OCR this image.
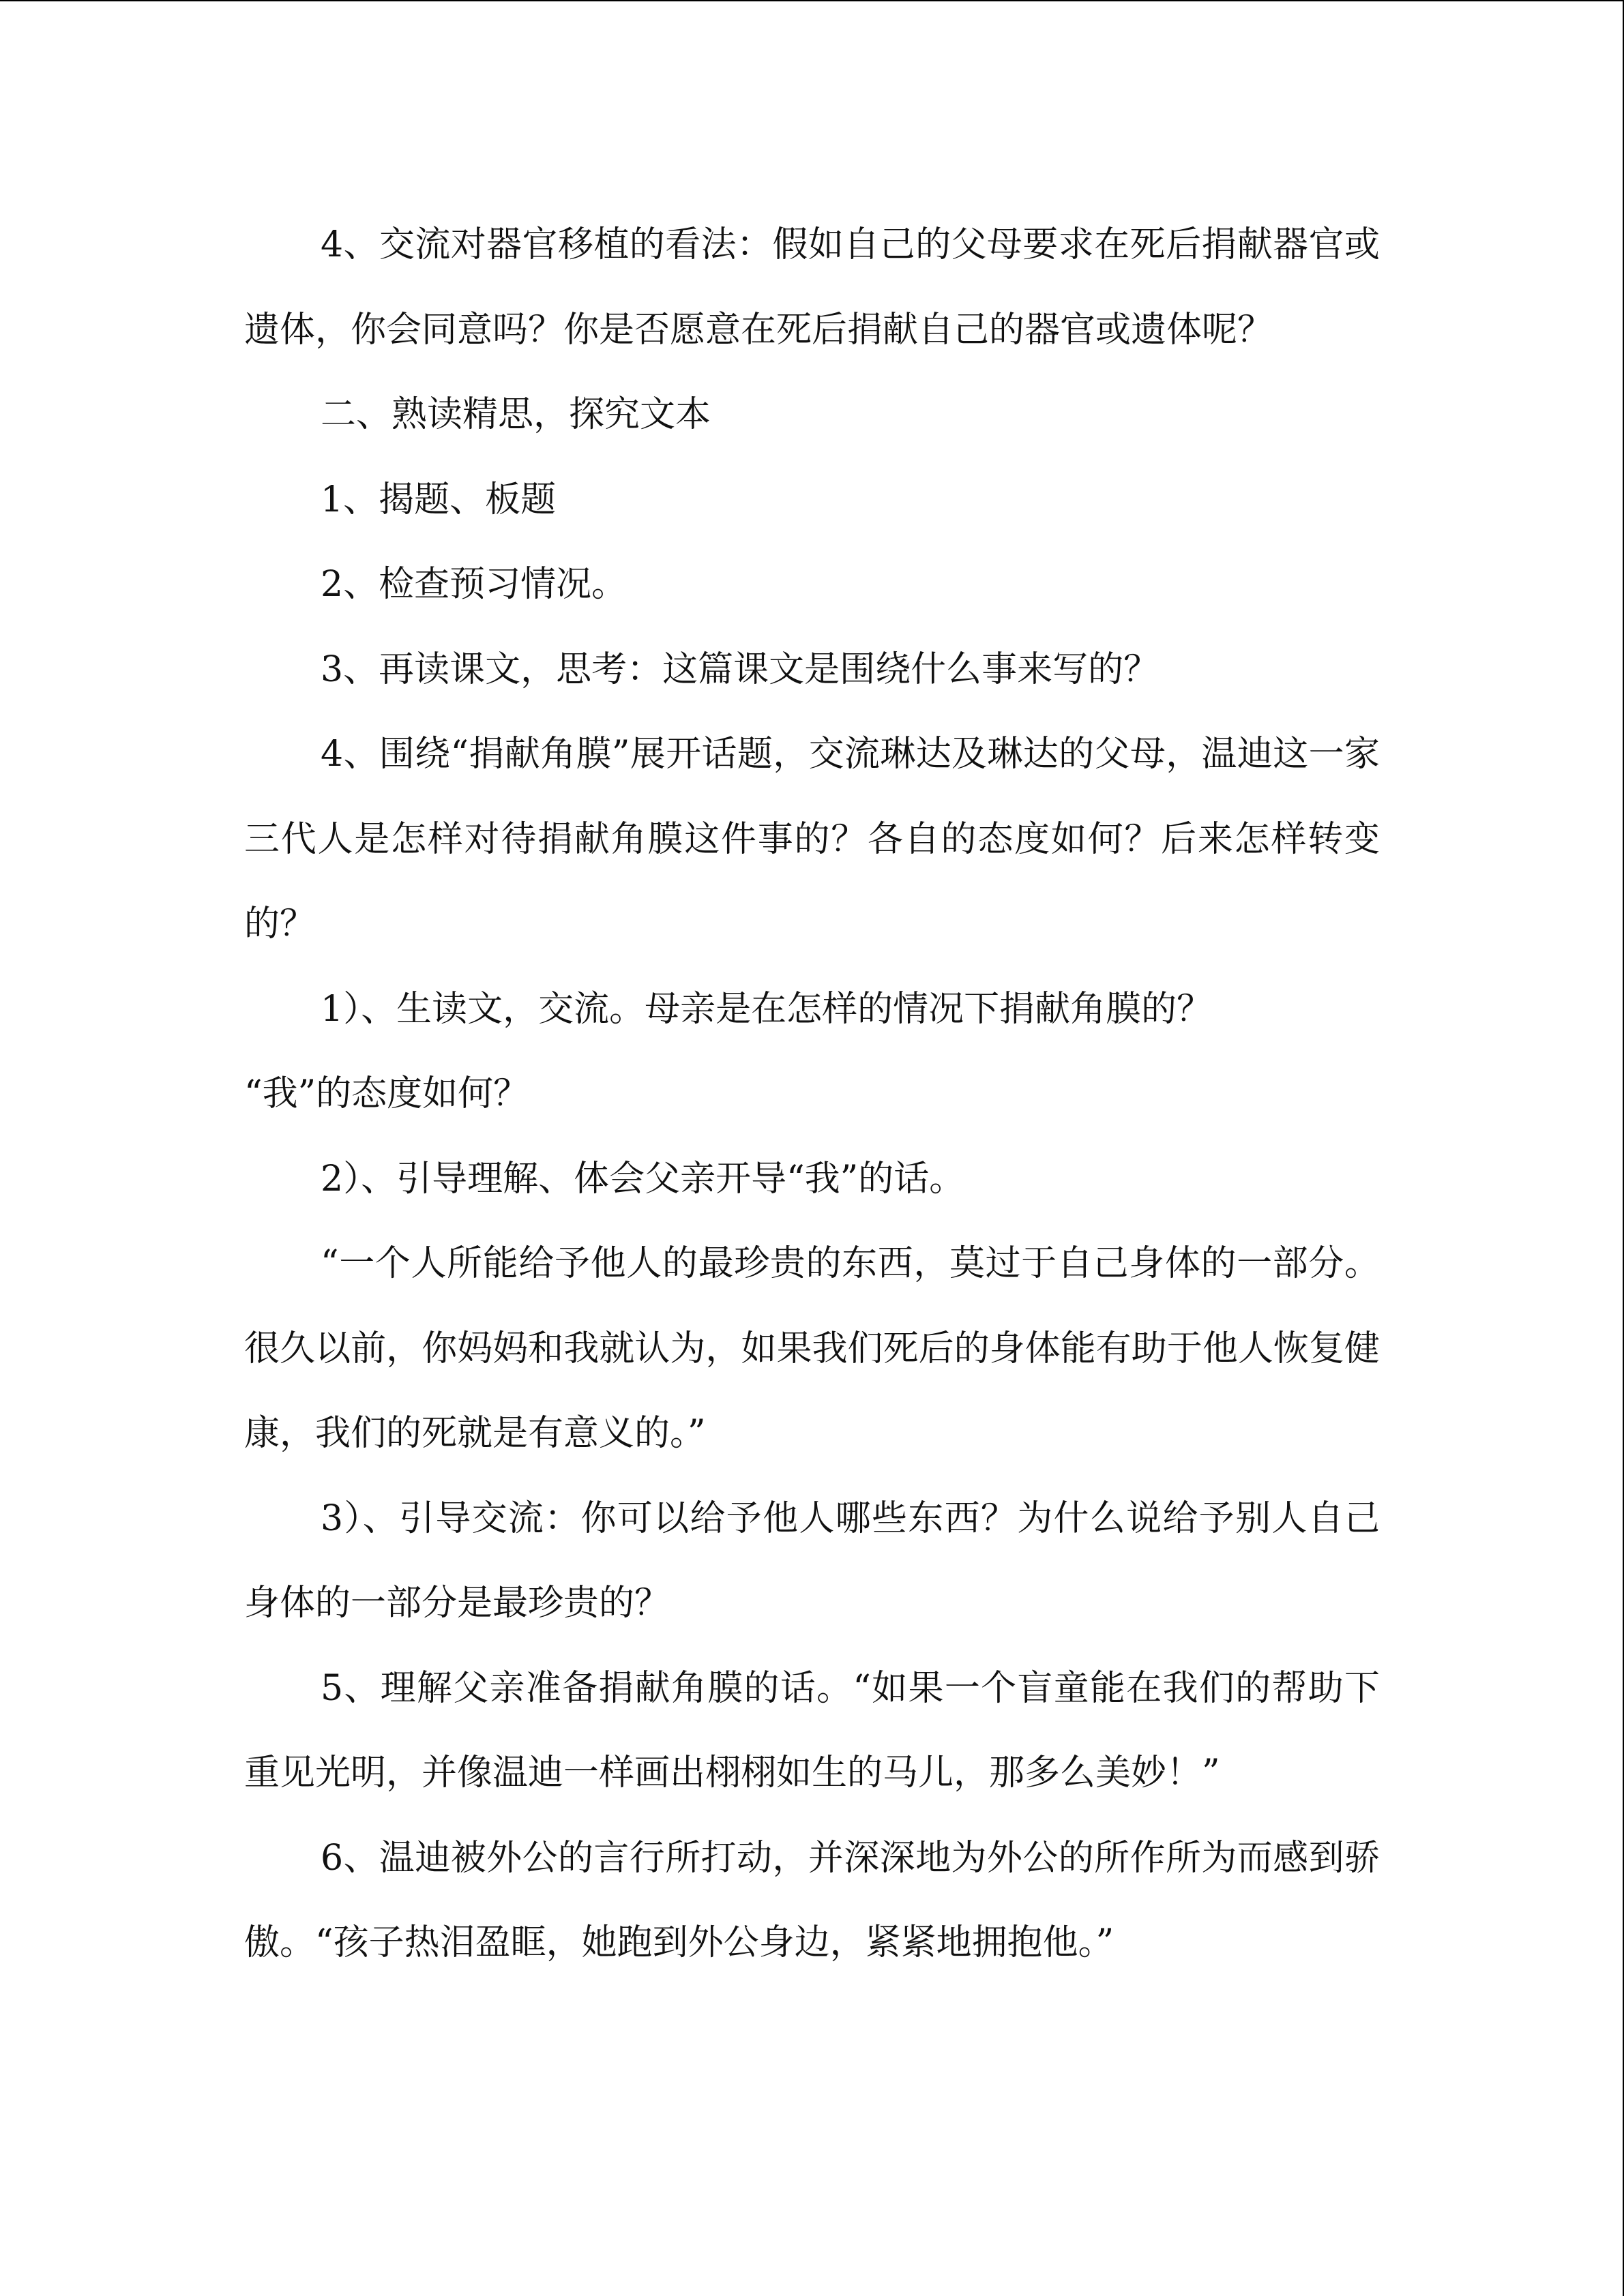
4、交流对器官移植的看法：假如自己的父母要求在死后捐献器官或遗体，你会同意吗？你是否愿意在死后捐献自己的器官或遗体呢？

二、熟读精思，探究文本

1、揭题、板题

2、检查预习情况。

3、再读课文，思考：这篇课文是围绕什么事来写的？

4、围绕“捐献角膜”展开话题，交流琳达及琳达的父母，温迪这一家三代人是怎样对待捐献角膜这件事的？各自的态度如何？后来怎样转变的？

1）、生读文，交流。母亲是在怎样的情况下捐献角膜的？

“我”的态度如何？

2）、引导理解、体会父亲开导“我”的话。

“一个人所能给予他人的最珍贵的东西，莫过于自己身体的一部分。很久以前，你妈妈和我就认为，如果我们死后的身体能有助于他人恢复健康，我们的死就是有意义的。”

3）、引导交流：你可以给予他人哪些东西？为什么说给予别人自己身体的一部分是最珍贵的？

5、理解父亲准备捐献角膜的话。“如果一个盲童能在我们的帮助下重见光明，并像温迪一样画出栩栩如生的马儿，那多么美妙！”

6、温迪被外公的言行所打动，并深深地为外公的所作所为而感到骄傲。“孩子热泪盈眶，她跑到外公身边，紧紧地拥抱他。”
